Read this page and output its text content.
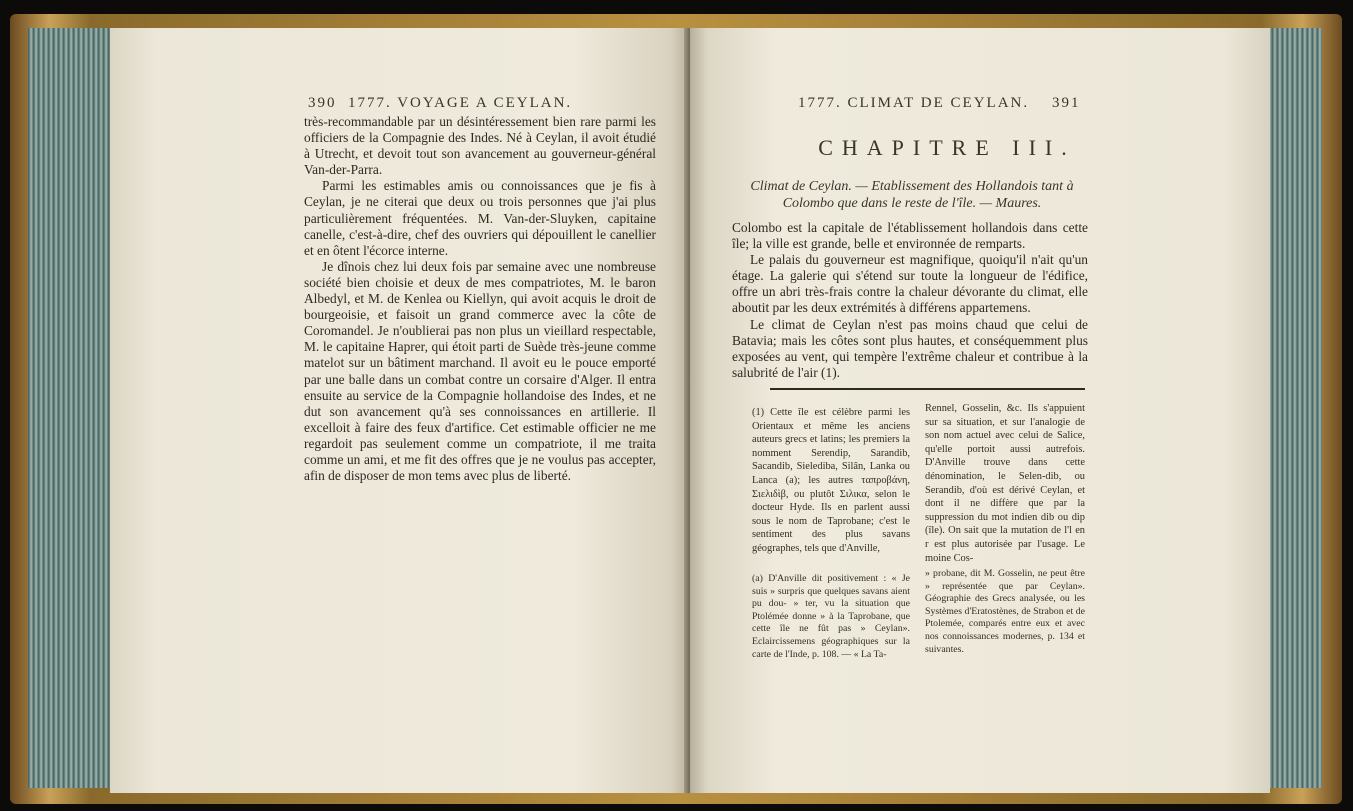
390 1777. VOYAGE A CEYLAN.

très-recommandable par un désintéressement bien rare parmi les officiers de la Compagnie des Indes. Né à Ceylan, il avoit étudié à Utrecht, et devoit tout son avancement au gouverneur-général Van-der-Parra.

Parmi les estimables amis ou connoissances que je fis à Ceylan, je ne citerai que deux ou trois personnes que j'ai plus particulièrement fréquentées. M. Van-der-Sluyken, capitaine canelle, c'est-à-dire, chef des ouvriers qui dépouillent le canellier et en ôtent l'écorce interne.

Je dînois chez lui deux fois par semaine avec une nombreuse société bien choisie et deux de mes compatriotes, M. le baron Albedyl, et M. de Kenlea ou Kiellyn, qui avoit acquis le droit de bourgeoisie, et faisoit un grand commerce avec la côte de Coromandel. Je n'oublierai pas non plus un vieillard respectable, M. le capitaine Haprer, qui étoit parti de Suède très-jeune comme matelot sur un bâtiment marchand. Il avoit eu le pouce emporté par une balle dans un combat contre un corsaire d'Alger. Il entra ensuite au service de la Compagnie hollandoise des Indes, et ne dut son avancement qu'à ses connoissances en artillerie. Il excelloit à faire des feux d'artifice. Cet estimable officier ne me regardoit pas seulement comme un compatriote, il me traita comme un ami, et me fit des offres que je ne voulus pas accepter, afin de disposer de mon tems avec plus de liberté.

1777. CLIMAT DE CEYLAN. 391
CHAPITRE III.
Climat de Ceylan. — Etablissement des Hollandois tant à Colombo que dans le reste de l'île. — Maures.

Colombo est la capitale de l'établissement hollandois dans cette île; la ville est grande, belle et environnée de remparts.

Le palais du gouverneur est magnifique, quoiqu'il n'ait qu'un étage. La galerie qui s'étend sur toute la longueur de l'édifice, offre un abri très-frais contre la chaleur dévorante du climat, elle aboutit par les deux extrémités à différens appartemens.

Le climat de Ceylan n'est pas moins chaud que celui de Batavia; mais les côtes sont plus hautes, et conséquemment plus exposées au vent, qui tempère l'extrême chaleur et contribue à la salubrité de l'air (1).

(1) Cette île est célèbre parmi les Orientaux et même les anciens auteurs grecs et latins; les premiers la nomment Serendip, Sarandib, Sacandib, Sielediba, Silân, Lanka ou Lanca (a); les autres ταπροβάνη, Σιελιδὶβ, ou plutôt Σιλικα, selon le docteur Hyde. Ils en parlent aussi sous le nom de Taprobane; c'est le sentiment des plus savans géographes, tels que d'Anville,

Rennel, Gosselin, &c. Ils s'appuient sur sa situation, et sur l'analogie de son nom actuel avec celui de Salice, qu'elle portoit aussi autrefois. D'Anville trouve dans cette dénomination, le Selen-dib, ou Serandib, d'où est dérivé Ceylan, et dont il ne diffère que par la suppression du mot indien dib ou dip (île). On sait que la mutation de l'l en r est plus autorisée par l'usage. Le moine Cos-

(a) D'Anville dit positivement : « Je suis » surpris que quelques savans aient pu dou- » ter, vu la situation que Ptolémée donne » à la Taprobane, que cette île ne fût pas » Ceylan». Eclaircissemens géographiques sur la carte de l'Inde, p. 108. — « La Ta-

» probane, dit M. Gosselin, ne peut être » représentée que par Ceylan». Géographie des Grecs analysée, ou les Systèmes d'Eratostènes, de Strabon et de Ptolemée, comparés entre eux et avec nos connoissances modernes, p. 134 et suivantes.
